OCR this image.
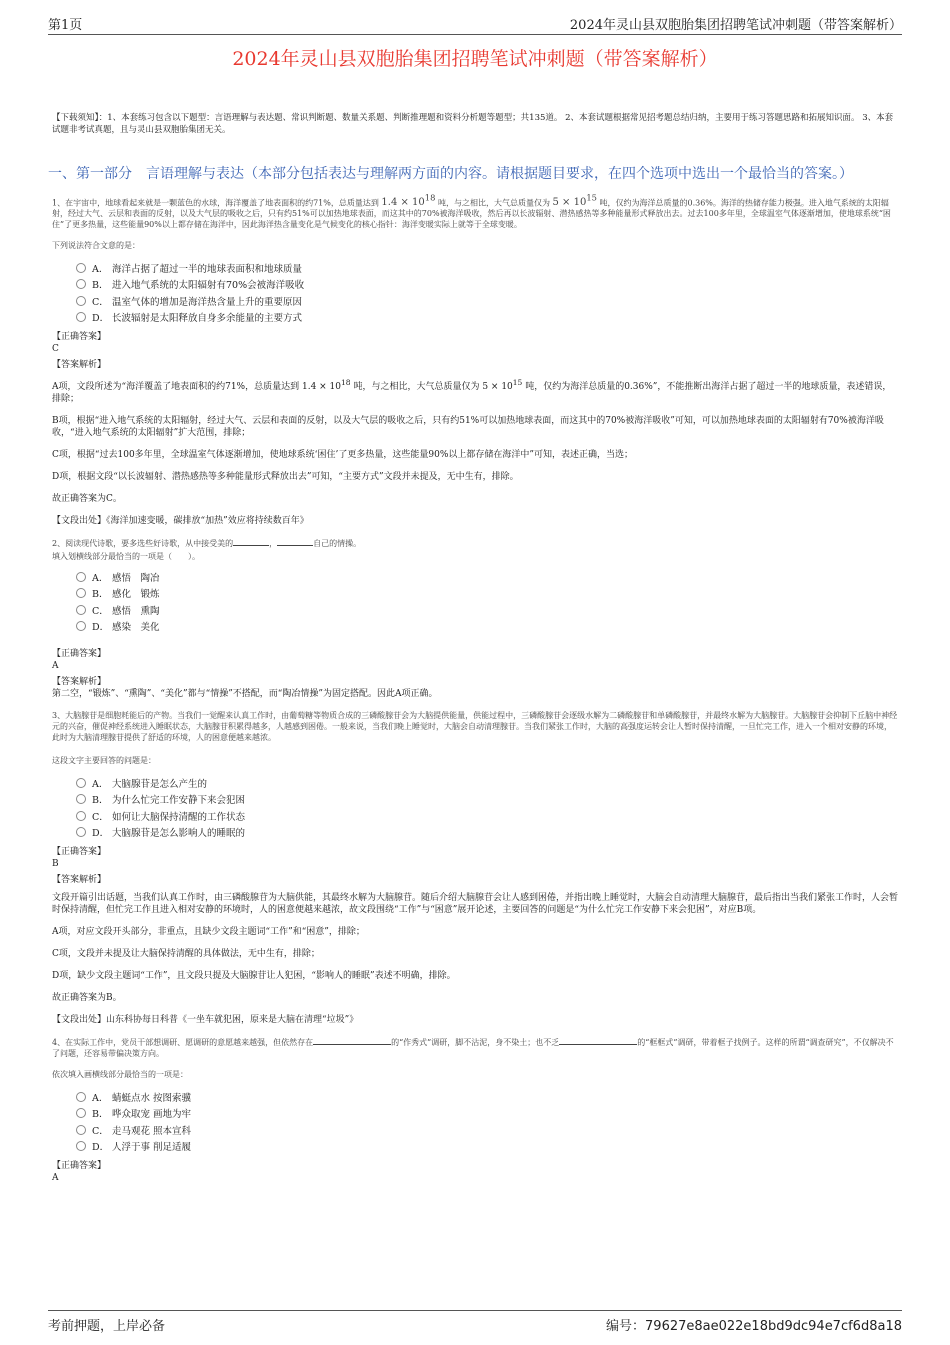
第1页	2024年灵山县双胞胎集团招聘笔试冲刺题（带答案解析）
2024年灵山县双胞胎集团招聘笔试冲刺题（带答案解析）

【下载须知】：1、本套练习包含以下题型：言语理解与表达题、常识判断题、数量关系题、判断推理题和资料分析题等题型；共135道。 2、本套试题根据常见招考题总结归纳，主要用于练习答题思路和拓展知识面。 3、本套试题非考试真题，且与灵山县双胞胎集团无关。

一、第一部分　言语理解与表达（本部分包括表达与理解两方面的内容。请根据题目要求，在四个选项中选出一个最恰当的答案。）

1、在宇宙中，地球看起来就是一颗蓝色的水球，海洋覆盖了地表面积的约71%，总质量达到 $1.4 \times 10^{18}$ 吨，与之相比，大气总质量仅为 $5 \times 10^{15}$ 吨，仅约为海洋总质量的0.36%。海洋的热储存能力极强。进入地气系统的太阳辐射，经过大气、云层和表面的反射，以及大气层的吸收之后，只有约51%可以加热地球表面，而这其中的70%被海洋吸收，然后再以长波辐射、潜热感热等多种能量形式释放出去。过去100多年里，全球温室气体逐渐增加，使地球系统“困住”了更多热量，这些能量90%以上都存储在海洋中，因此海洋热含量变化是气候变化的核心指针：海洋变暖实际上就等于全球变暖。

下列说法符合文意的是：

A． 海洋占据了超过一半的地球表面积和地球质量
B． 进入地气系统的太阳辐射有70%会被海洋吸收
C． 温室气体的增加是海洋热含量上升的重要原因
D． 长波辐射是太阳释放自身多余能量的主要方式
【正确答案】
C
【答案解析】

A项，文段所述为“海洋覆盖了地表面积的约71%，总质量达到 $1.4 \times 10^{18}$ 吨，与之相比，大气总质量仅为 $5 \times 10^{15}$ 吨，仅约为海洋总质量的0.36%”，不能推断出海洋占据了超过一半的地球质量，表述错误，排除；

B项，根据“进入地气系统的太阳辐射，经过大气、云层和表面的反射，以及大气层的吸收之后，只有约51%可以加热地球表面，而这其中的70%被海洋吸收”可知，可以加热地球表面的太阳辐射有70%被海洋吸收，“进入地气系统的太阳辐射”扩大范围，排除；

C项，根据“过去100多年里，全球温室气体逐渐增加，使地球系统‘困住’了更多热量，这些能量90%以上都存储在海洋中”可知，表述正确，当选；

D项，根据文段“以长波辐射、潜热感热等多种能量形式释放出去”可知，“主要方式”文段并未提及，无中生有，排除。

故正确答案为C。

【文段出处】《海洋加速变暖，碳排放“加热”效应将持续数百年》

2、阅读现代诗歌，要多选些好诗歌，从中接受美的	，	自己的情操。

填入划横线部分最恰当的一项是（　　）。

A． 感悟　陶冶
B． 感化　锻炼
C． 感悟　熏陶
D． 感染　美化
【正确答案】
A
【答案解析】

第二空，“锻炼”、“熏陶”、“美化”都与“情操”不搭配，而“陶冶情操”为固定搭配。因此A项正确。

3、大脑腺苷是细胞耗能后的产物。当我们一觉醒来认真工作时，由葡萄糖等物质合成的三磷酸腺苷会为大脑提供能量，供能过程中，三磷酸腺苷会逐级水解为二磷酸腺苷和单磷酸腺苷，并最终水解为大脑腺苷。大脑腺苷会抑制下丘脑中神经元的兴奋，催促神经系统进入睡眠状态，大脑腺苷积累得越多，人越感到困倦。一般来说，当我们晚上睡觉时，大脑会自动清理腺苷。当我们紧张工作时，大脑的高强度运转会让人暂时保持清醒，一旦忙完工作，进入一个相对安静的环境，此时为大脑清理腺苷提供了舒适的环境，人的困意便越来越浓。

这段文字主要回答的问题是：

A． 大脑腺苷是怎么产生的
B． 为什么忙完工作安静下来会犯困
C． 如何让大脑保持清醒的工作状态
D． 大脑腺苷是怎么影响人的睡眠的
【正确答案】
B
【答案解析】

文段开篇引出话题，当我们认真工作时，由三磷酸腺苷为大脑供能，其最终水解为大脑腺苷。随后介绍大脑腺苷会让人感到困倦，并指出晚上睡觉时，大脑会自动清理大脑腺苷，最后指出当我们紧张工作时，人会暂时保持清醒，但忙完工作且进入相对安静的环境时，人的困意便越来越浓，故文段围绕“工作”与“困意”展开论述，主要回答的问题是“为什么忙完工作安静下来会犯困”，对应B项。

A项，对应文段开头部分，非重点，且缺少文段主题词“工作”和“困意”，排除；

C项，文段并未提及让大脑保持清醒的具体做法，无中生有，排除；

D项，缺少文段主题词“工作”，且文段只提及大脑腺苷让人犯困，“影响人的睡眠”表述不明确，排除。

故正确答案为B。

【文段出处】山东科协每日科普《一坐车就犯困，原来是大脑在清理“垃圾”》

4、在实际工作中，党员干部想调研、愿调研的意愿越来越强，但依然存在	的“作秀式”调研，脚不沾泥，身不染土；也不乏	的“框框式”调研，带着框子找例子。这样的所谓“调查研究”，不仅解决不了问题，还容易带偏决策方向。

依次填入画横线部分最恰当的一项是：

A． 蜻蜓点水 按图索骥
B． 哗众取宠 画地为牢
C． 走马观花 照本宣科
D． 人浮于事 削足适履
【正确答案】
A
考前押题，上岸必备	编号：79627e8ae022e18bd9dc94e7cf6d8a18
